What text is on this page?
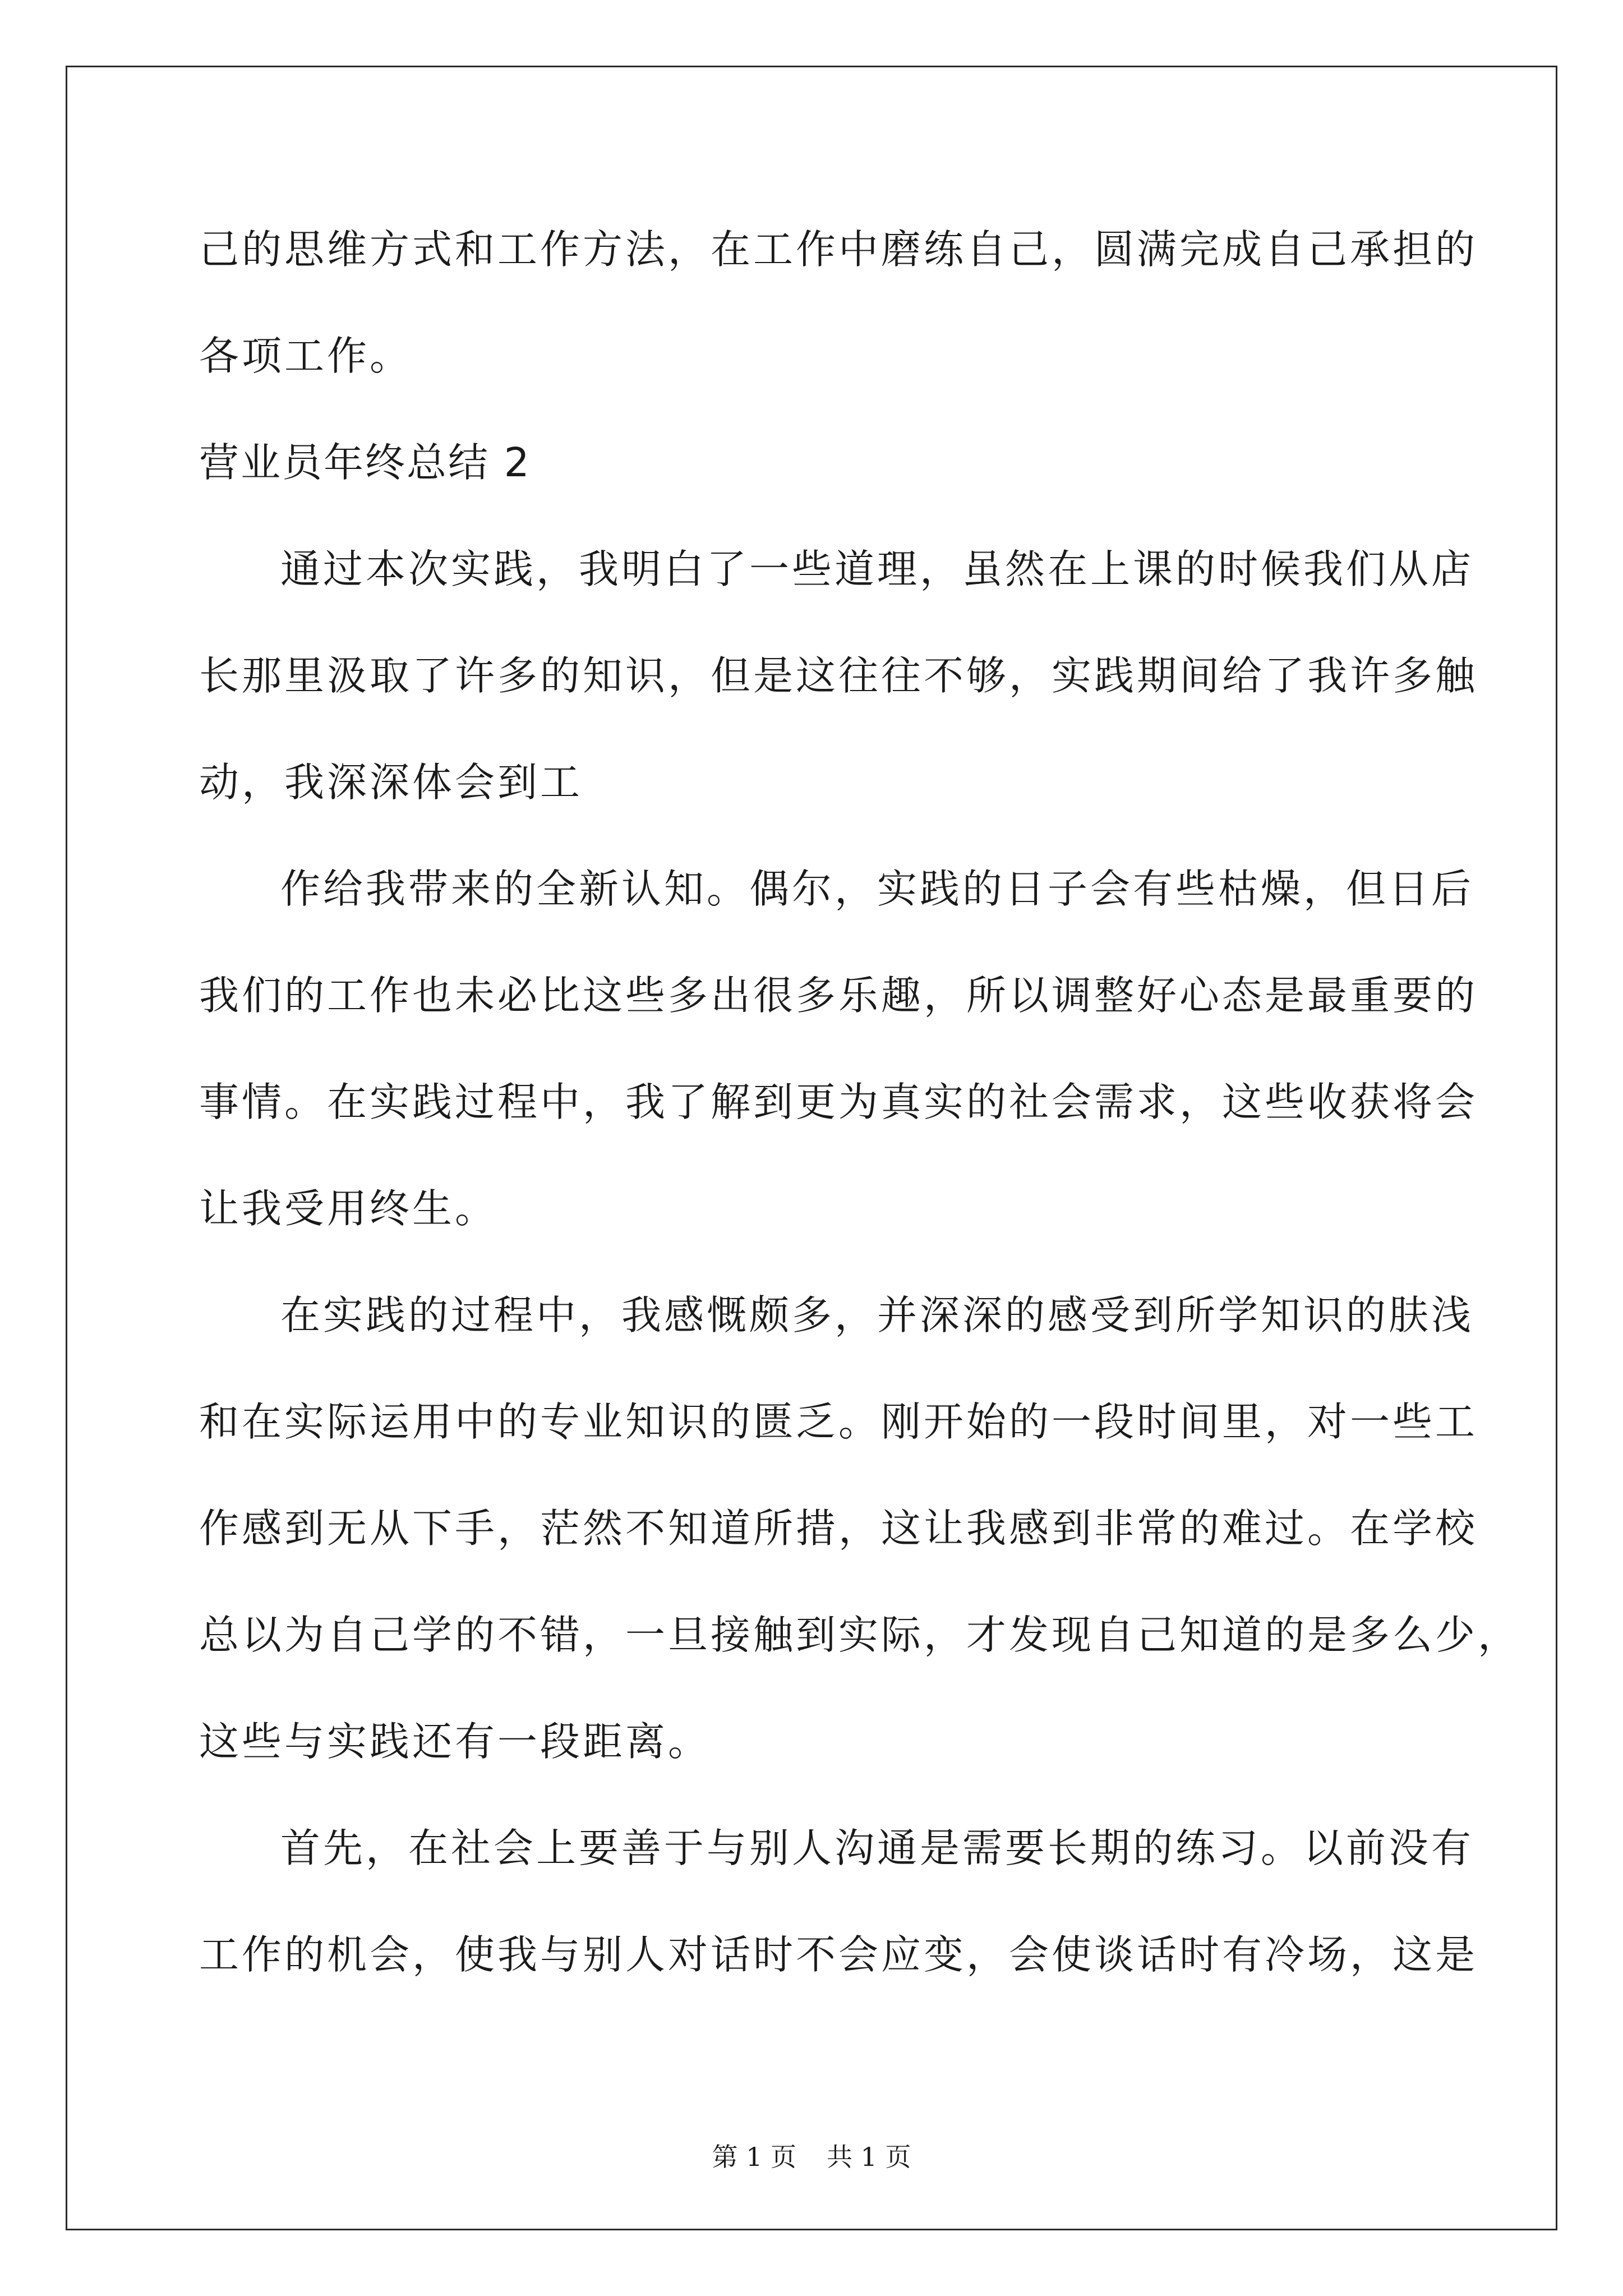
己的思维方式和工作方法，在工作中磨练自己，圆满完成自己承担的
各项工作。
营业员年终总结 2
通过本次实践，我明白了一些道理，虽然在上课的时候我们从店
长那里汲取了许多的知识，但是这往往不够，实践期间给了我许多触
动，我深深体会到工
作给我带来的全新认知。偶尔，实践的日子会有些枯燥，但日后
我们的工作也未必比这些多出很多乐趣，所以调整好心态是最重要的
事情。在实践过程中，我了解到更为真实的社会需求，这些收获将会
让我受用终生。
在实践的过程中，我感慨颇多，并深深的感受到所学知识的肤浅
和在实际运用中的专业知识的匮乏。刚开始的一段时间里，对一些工
作感到无从下手，茫然不知道所措，这让我感到非常的难过。在学校
总以为自己学的不错，一旦接触到实际，才发现自己知道的是多么少，
这些与实践还有一段距离。
首先，在社会上要善于与别人沟通是需要长期的练习。以前没有
工作的机会，使我与别人对话时不会应变，会使谈话时有冷场，这是
第 1 页 共 1 页
